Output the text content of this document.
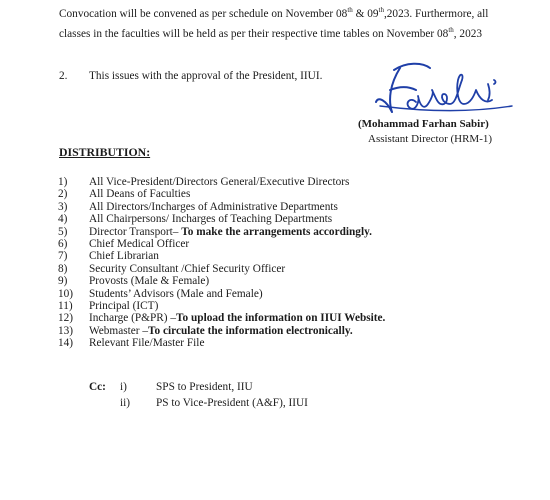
Convocation will be convened as per schedule on November 08th & 09th,2023. Furthermore, all
classes in the faculties will be held as per their respective time tables on November 08th, 2023
2. This issues with the approval of the President, IIUI.
(Mohammad Farhan Sabir)
Assistant Director (HRM-1)
DISTRIBUTION:
1)	All Vice-President/Directors General/Executive Directors
2)	All Deans of Faculties
3)	All Directors/Incharges of Administrative Departments
4)	All Chairpersons/ Incharges of Teaching Departments
5)	Director Transport– To make the arrangements accordingly.
6)	Chief Medical Officer
7)	Chief Librarian
8)	Security Consultant /Chief Security Officer
9)	Provosts (Male & Female)
10)	Students’ Advisors (Male and Female)
11)	Principal (ICT)
12)	Incharge (P&PR) –To upload the information on IIUI Website.
13)	Webmaster –To circulate the information electronically.
14)	Relevant File/Master File
Cc: i)	SPS to President, IIU
ii) PS to Vice-President (A&F), IIUI
